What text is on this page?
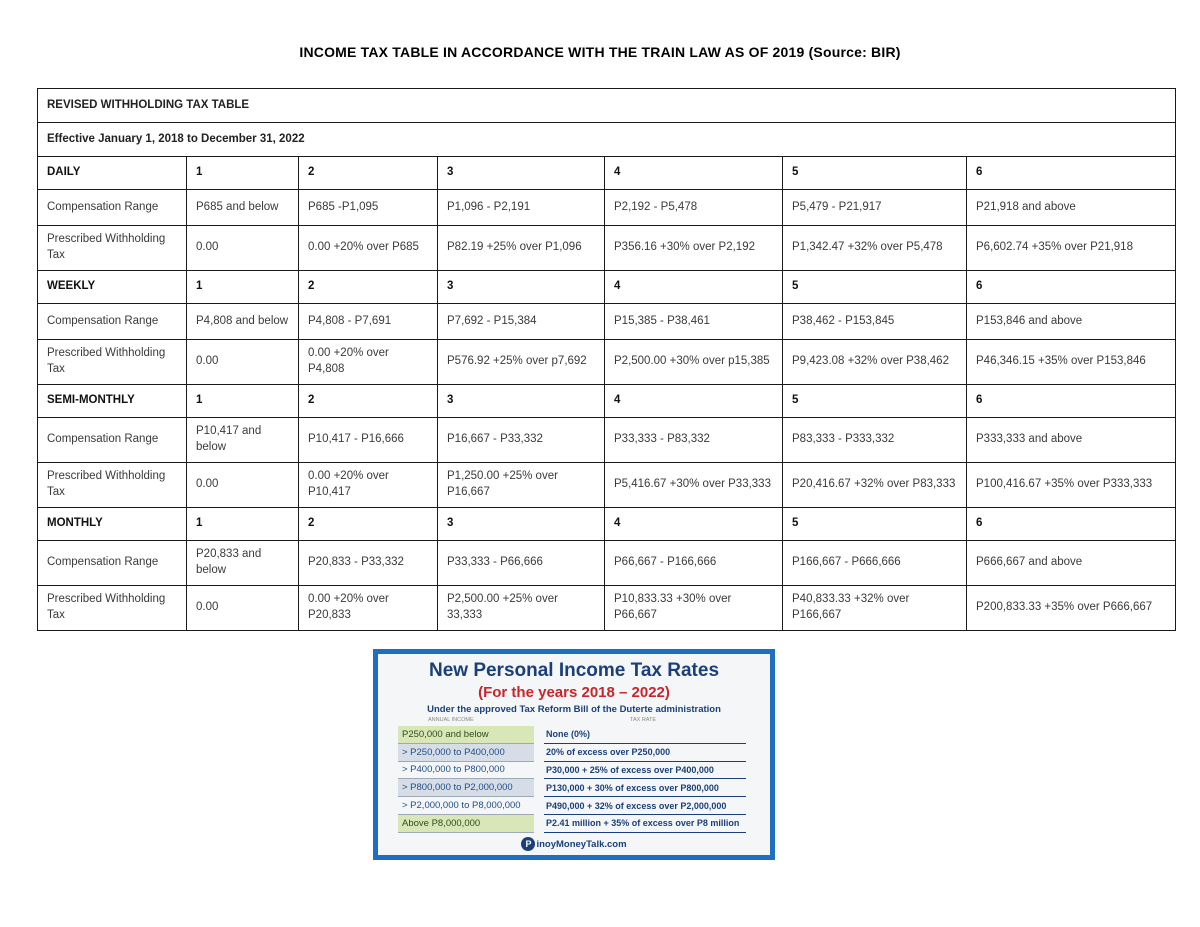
INCOME TAX TABLE IN ACCORDANCE WITH THE TRAIN LAW AS OF 2019 (Source: BIR)
REVISED WITHHOLDING TAX TABLE						
Effective January 1, 2018 to December 31, 2022						
DAILY	1	2	3	4	5	6
Compensation Range	P685 and below	P685 -P1,095	P1,096 - P2,191	P2,192 - P5,478	P5,479 - P21,917	P21,918 and above
Prescribed Withholding Tax	0.00	0.00 +20% over P685	P82.19 +25% over P1,096	P356.16 +30% over P2,192	P1,342.47 +32% over P5,478	P6,602.74 +35% over P21,918
WEEKLY	1	2	3	4	5	6
Compensation Range	P4,808 and below	P4,808 - P7,691	P7,692 - P15,384	P15,385 - P38,461	P38,462 - P153,845	P153,846 and above
Prescribed Withholding Tax	0.00	0.00 +20% over P4,808	P576.92 +25% over p7,692	P2,500.00 +30% over p15,385	P9,423.08 +32% over P38,462	P46,346.15 +35% over P153,846
SEMI-MONTHLY	1	2	3	4	5	6
Compensation Range	P10,417 and below	P10,417 - P16,666	P16,667 - P33,332	P33,333 - P83,332	P83,333 - P333,332	P333,333 and above
Prescribed Withholding Tax	0.00	0.00 +20% over P10,417	P1,250.00 +25% over P16,667	P5,416.67 +30% over P33,333	P20,416.67 +32% over P83,333	P100,416.67 +35% over P333,333
MONTHLY	1	2	3	4	5	6
Compensation Range	P20,833 and below	P20,833 - P33,332	P33,333 - P66,666	P66,667 - P166,666	P166,667 - P666,666	P666,667 and above
Prescribed Withholding Tax	0.00	0.00 +20% over P20,833	P2,500.00 +25% over 33,333	P10,833.33 +30% over P66,667	P40,833.33 +32% over P166,667	P200,833.33 +35% over P666,667
New Personal Income Tax Rates
(For the years 2018 – 2022)
Under the approved Tax Reform Bill of the Duterte administration
ANNUAL INCOME	TAX RATE
P250,000 and below	None (0%)
> P250,000 to P400,000	20% of excess over P250,000
> P400,000 to P800,000	P30,000 + 25% of excess over P400,000
> P800,000 to P2,000,000	P130,000 + 30% of excess over P800,000
> P2,000,000 to P8,000,000	P490,000 + 32% of excess over P2,000,000
Above P8,000,000	P2.41 million + 35% of excess over P8 million
P inoyMoneyTalk.com
